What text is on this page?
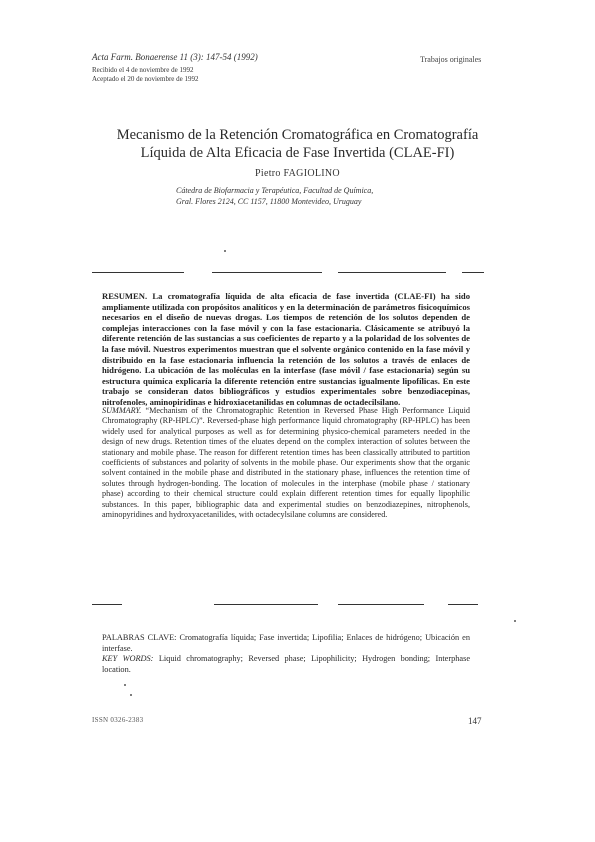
Acta Farm. Bonaerense 11 (3): 147-54 (1992)	Trabajos originales
Recibido el 4 de noviembre de 1992
Aceptado el 20 de noviembre de 1992
Mecanismo de la Retención Cromatográfica en Cromatografía
Líquida de Alta Eficacia de Fase Invertida (CLAE-FI)
Pietro FAGIOLINO
Cátedra de Biofarmacia y Terapéutica, Facultad de Química,
Gral. Flores 2124, CC 1157, 11800 Montevideo, Uruguay
RESUMEN. La cromatografía líquida de alta eficacia de fase invertida (CLAE-FI) ha sido ampliamente utilizada con propósitos analíticos y en la determinación de parámetros fisicoquímicos necesarios en el diseño de nuevas drogas. Los tiempos de retención de los solutos dependen de complejas interacciones con la fase móvil y con la fase estacionaria. Clásicamente se atribuyó la diferente retención de las sustancias a sus coeficientes de reparto y a la polaridad de los solventes de la fase móvil. Nuestros experimentos muestran que el solvente orgánico contenido en la fase móvil y distribuido en la fase estacionaria influencia la retención de los solutos a través de enlaces de hidrógeno. La ubicación de las moléculas en la interfase (fase móvil / fase estacionaria) según su estructura química explicaría la diferente retención entre sustancias igualmente lipofílicas. En este trabajo se consideran datos bibliográficos y estudios experimentales sobre benzodiacepinas, nitrofenoles, aminopiridinas e hidroxiacetanilidas en columnas de octadecilsilano.
SUMMARY. “Mechanism of the Chromatographic Retention in Reversed Phase High Performance Liquid Chromatography (RP-HPLC)”. Reversed-phase high performance liquid chromatography (RP-HPLC) has been widely used for analytical purposes as well as for determining physico-chemical parameters needed in the design of new drugs. Retention times of the eluates depend on the complex interaction of solutes between the stationary and mobile phase. The reason for different retention times has been classically attributed to partition coefficients of substances and polarity of solvents in the mobile phase. Our experiments show that the organic solvent contained in the mobile phase and distributed in the stationary phase, influences the retention time of solutes through hydrogen-bonding. The location of molecules in the interphase (mobile phase / stationary phase) according to their chemical structure could explain different retention times for equally lipophilic substances. In this paper, bibliographic data and experimental studies on benzodiazepines, nitrophenols, aminopyridines and hydroxyacetanilides, with octadecylsilane columns are considered.
PALABRAS CLAVE: Cromatografía líquida; Fase invertida; Lipofilia; Enlaces de hidrógeno; Ubicación en interfase.
KEY WORDS: Liquid chromatography; Reversed phase; Lipophilicity; Hydrogen bonding; Interphase location.
ISSN 0326-2383	147
